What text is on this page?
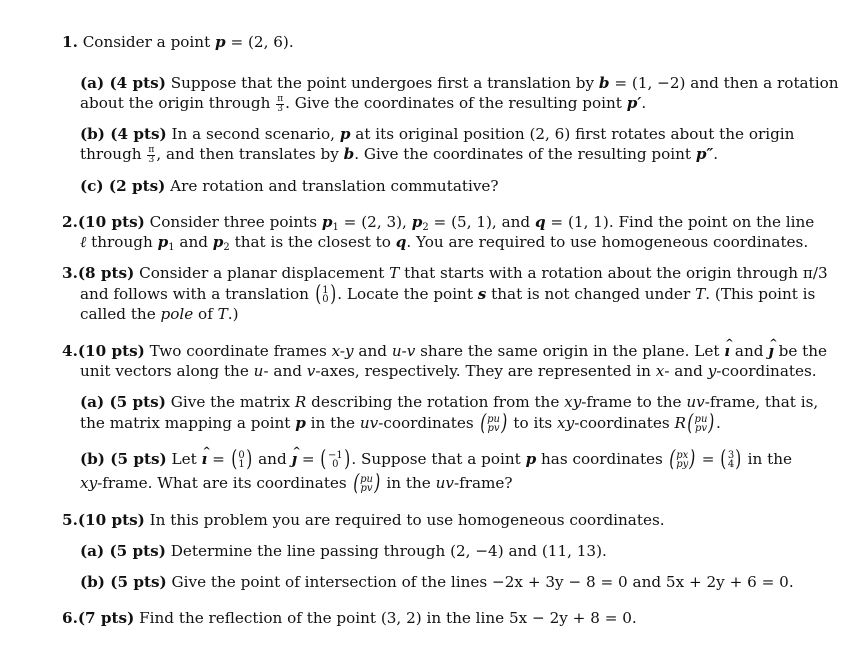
1. Consider a point p = (2, 6).
(a) (4 pts) Suppose that the point undergoes first a translation by b = (1, −2) and then a rotation
about the origin through $\frac{\pi}{3}$ . Give the coordinates of the resulting point p′.
(b) (4 pts) In a second scenario, p at its original position (2, 6) first rotates about the origin
through $\frac{\pi}{3}$ , and then translates by b. Give the coordinates of the resulting point p″.
(c) (2 pts) Are rotation and translation commutative?
2.(10 pts) Consider three points $p_1 = (2$, 3), $p_2 = (5$, 1), and q = (1, 1). Find the point on the line
ℓ through $p_1$ and $p_2$ that is the closest to q. You are required to use homogeneous coordinates.
3.(8 pts) Consider a planar displacement T that starts with a rotation about the origin through π/3
and follows with a translation ( 1
0 ) . Locate the point s that is not changed under T. (This point is
called the pole of T.)
4.(10 pts) Two coordinate frames x-y and u-v share the same origin in the plane. Let ^ ı and ^ ȷ be the
unit vectors along the u- and v-axes, respectively. They are represented in x- and y-coordinates.
(a) (5 pts) Give the matrix R describing the rotation from the xy-frame to the uv-frame, that is,
the matrix mapping a point p in the uv-coordinates ( pu
pv ) to its xy-coordinates R ( pu
pv ) .
(b) (5 pts) Let ^ ı = ( 0
1 ) and ^ ȷ = ( −1
0 ) . Suppose that a point p has coordinates ( px
py ) = ( 3
4 ) in the
xy-frame. What are its coordinates ( pu
pv ) in the uv-frame?
5.(10 pts) In this problem you are required to use homogeneous coordinates.
(a) (5 pts) Determine the line passing through (2, −4) and (11, 13).
(b) (5 pts) Give the point of intersection of the lines −2x + 3y − 8 = 0 and 5x + 2y + 6 = 0.
6.(7 pts) Find the reflection of the point (3, 2) in the line 5x − 2y + 8 = 0.
